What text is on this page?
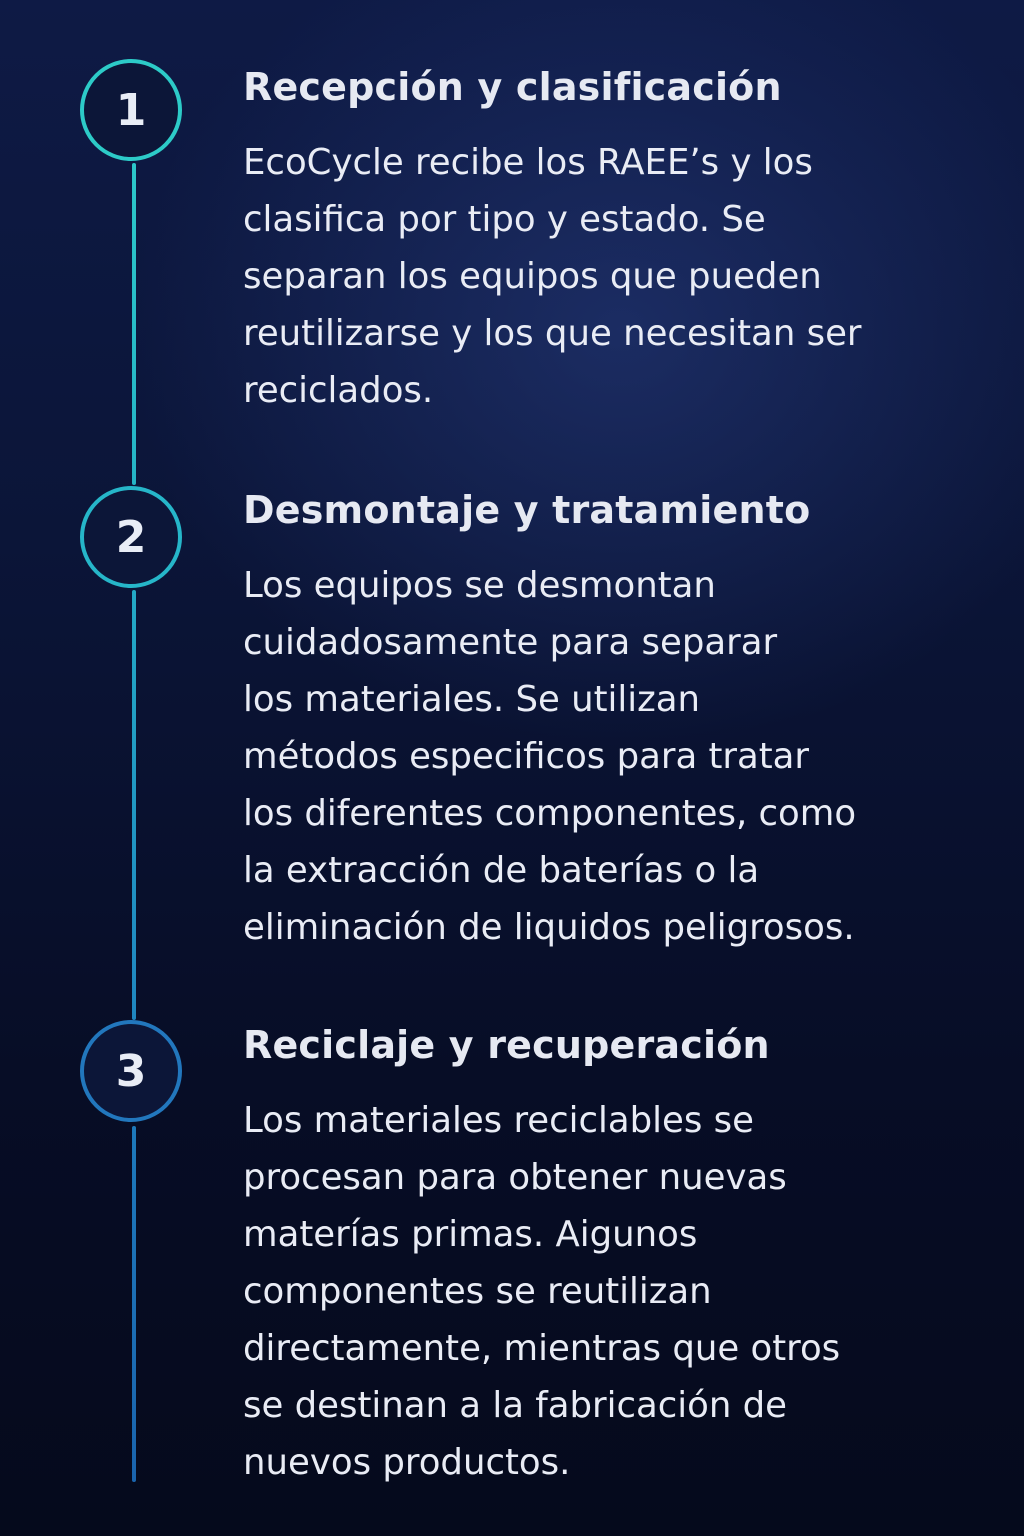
1
2
3
Recepción y clasificación

EcoCycle recibe los RAEE’s y los
clasifica por tipo y estado. Se
separan los equipos que pueden
reutilizarse y los que necesitan ser
reciclados.

Desmontaje y tratamiento

Los equipos se desmontan
cuidadosamente para separar
los materiales. Se utilizan
métodos especificos para tratar
los diferentes componentes, como
la extracción de baterías o la
eliminación de liquidos peligrosos.

Reciclaje y recuperación

Los materiales reciclables se
procesan para obtener nuevas
materías primas. Aigunos
componentes se reutilizan
directamente, mientras que otros
se destinan a la fabricación de
nuevos productos.
